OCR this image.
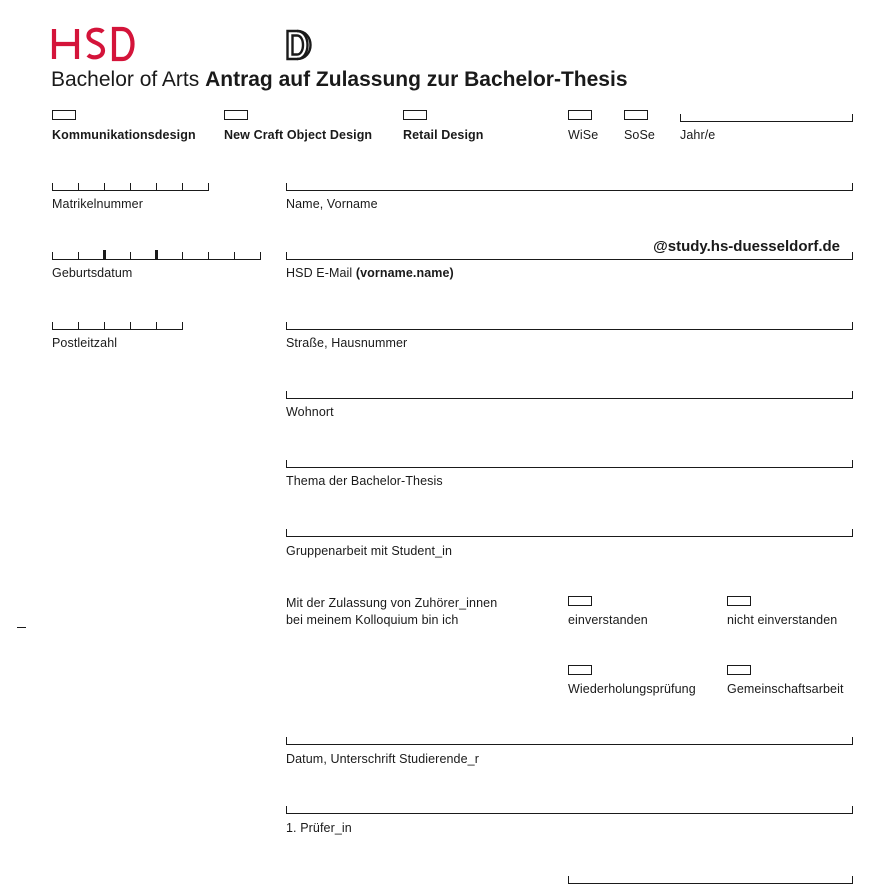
Bachelor of Arts Antrag auf Zulassung zur Bachelor-Thesis
Kommunikationsdesign New Craft Object Design Retail Design	WiSe SoSe Jahr/e
Matrikelnummer	Name, Vorname
Geburtsdatum
@study.hs-duesseldorf.de
HSD E-Mail (vorname.name)
Postleitzahl	Straße, Hausnummer
Wohnort
Thema der Bachelor-Thesis
Gruppenarbeit mit Student_in
Mit der Zulassung von Zuhörer_innen
bei meinem Kolloquium bin ich	einverstanden	nicht einverstanden
Wiederholungsprüfung Gemeinschaftsarbeit
Datum, Unterschrift Studierende_r
1. Prüfer_in
